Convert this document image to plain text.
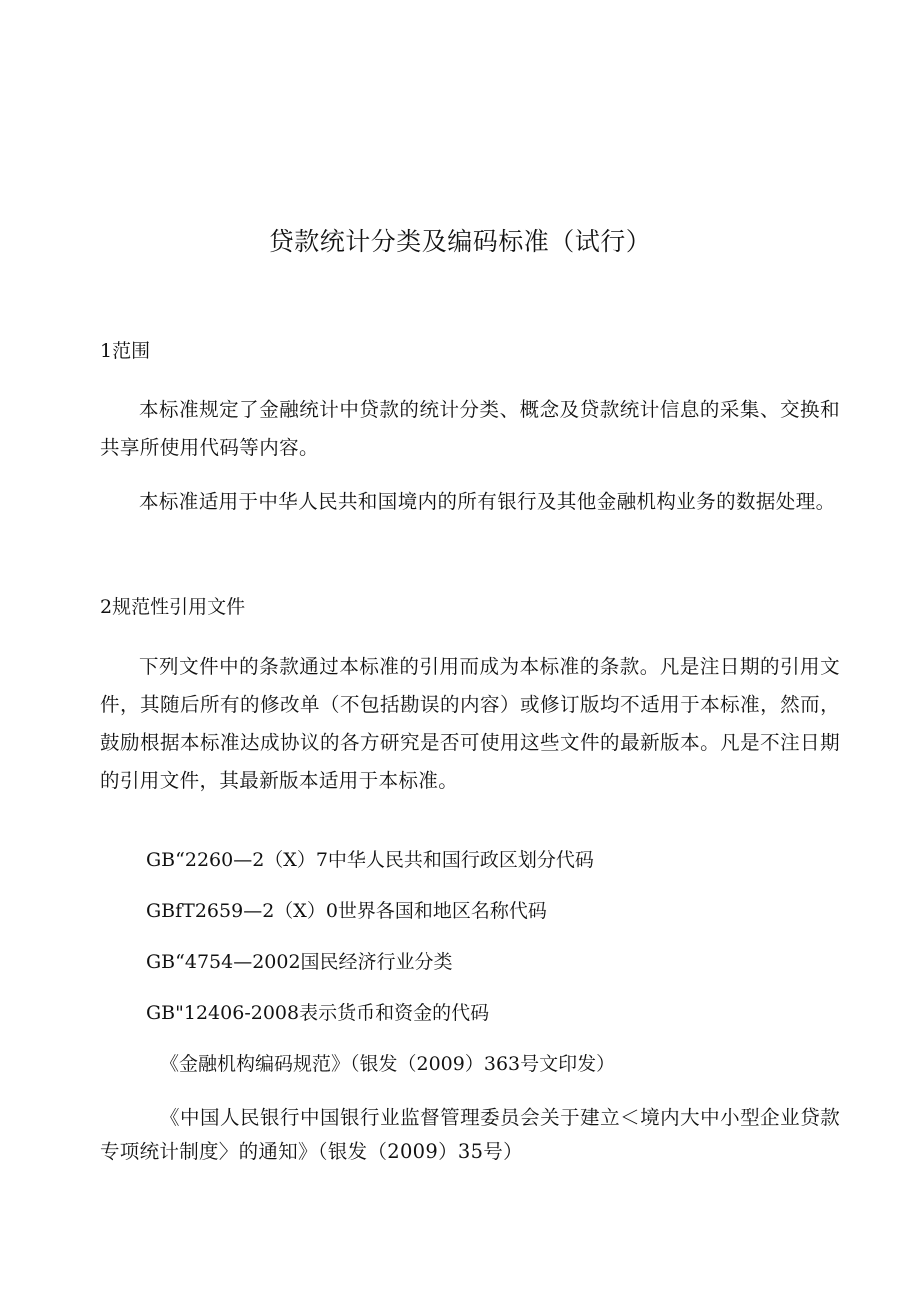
贷款统计分类及编码标准（试行）
1范围
本标准规定了金融统计中贷款的统计分类、概念及贷款统计信息的采集、交换和共享所使用代码等内容。
本标准适用于中华人民共和国境内的所有银行及其他金融机构业务的数据处理。
2规范性引用文件
下列文件中的条款通过本标准的引用而成为本标准的条款。凡是注日期的引用文件，其随后所有的修改单（不包括勘误的内容）或修订版均不适用于本标准，然而，鼓励根据本标准达成协议的各方研究是否可使用这些文件的最新版本。凡是不注日期的引用文件，其最新版本适用于本标准。
GB“2260—2（X）7中华人民共和国行政区划分代码
GBfT2659—2（X）0世界各国和地区名称代码
GB“4754—2002国民经济行业分类
GB"12406-2008表示货币和资金的代码
《金融机构编码规范》（银发（2009）363号文印发）
《中国人民银行中国银行业监督管理委员会关于建立＜境内大中小型企业贷款专项统计制度〉的通知》（银发（2009）35号）
